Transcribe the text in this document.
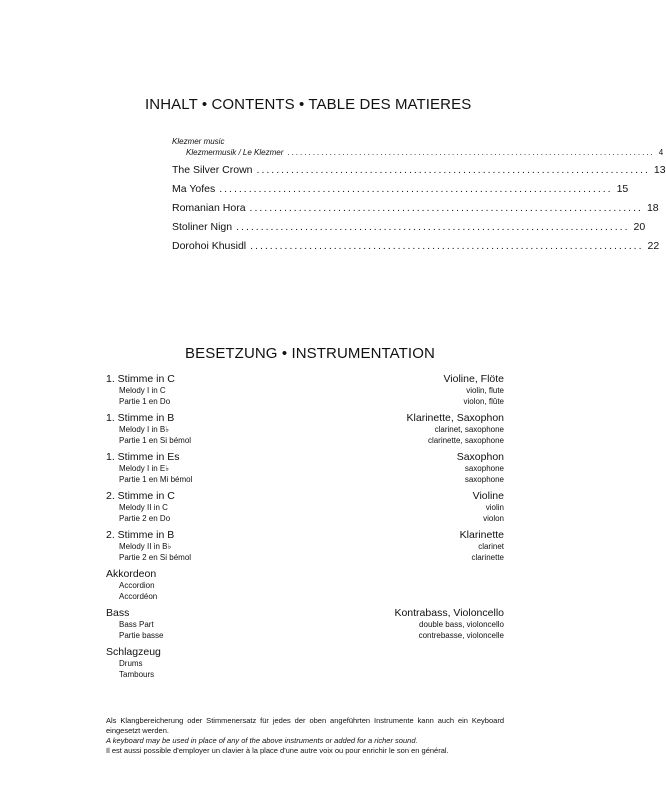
INHALT • CONTENTS • TABLE DES MATIERES
Klezmer music
Klezmermusik / Le Klezmer ....................................................................................... 4
The Silver Crown ................................................................................ 13
Ma Yofes ................................................................................ 15
Romanian Hora ................................................................................ 18
Stoliner Nign ................................................................................ 20
Dorohoi Khusidl ................................................................................ 22
BESETZUNG • INSTRUMENTATION
1. Stimme in C	Violine, Flöte
Melody I in C	violin, flute
Partie 1 en Do	violon, flûte
1. Stimme in B	Klarinette, Saxophon
Melody I in B♭	clarinet, saxophone
Partie 1 en Si bémol	clarinette, saxophone
1. Stimme in Es	Saxophon
Melody I in E♭	saxophone
Partie 1 en Mi bémol	saxophone
2. Stimme in C	Violine
Melody II in C	violin
Partie 2 en Do	violon
2. Stimme in B	Klarinette
Melody II in B♭	clarinet
Partie 2 en Si bémol	clarinette
Akkordeon
Accordion
Accordéon
Bass	Kontrabass, Violoncello
Bass Part	double bass, violoncello
Partie basse	contrebasse, violoncelle
Schlagzeug
Drums
Tambours
Als Klangbereicherung oder Stimmenersatz für jedes der oben angeführten Instrumente kann auch ein Keyboard eingesetzt werden.
A keyboard may be used in place of any of the above instruments or added for a richer sound.
Il est aussi possible d'employer un clavier à la place d'une autre voix ou pour enrichir le son en général.
